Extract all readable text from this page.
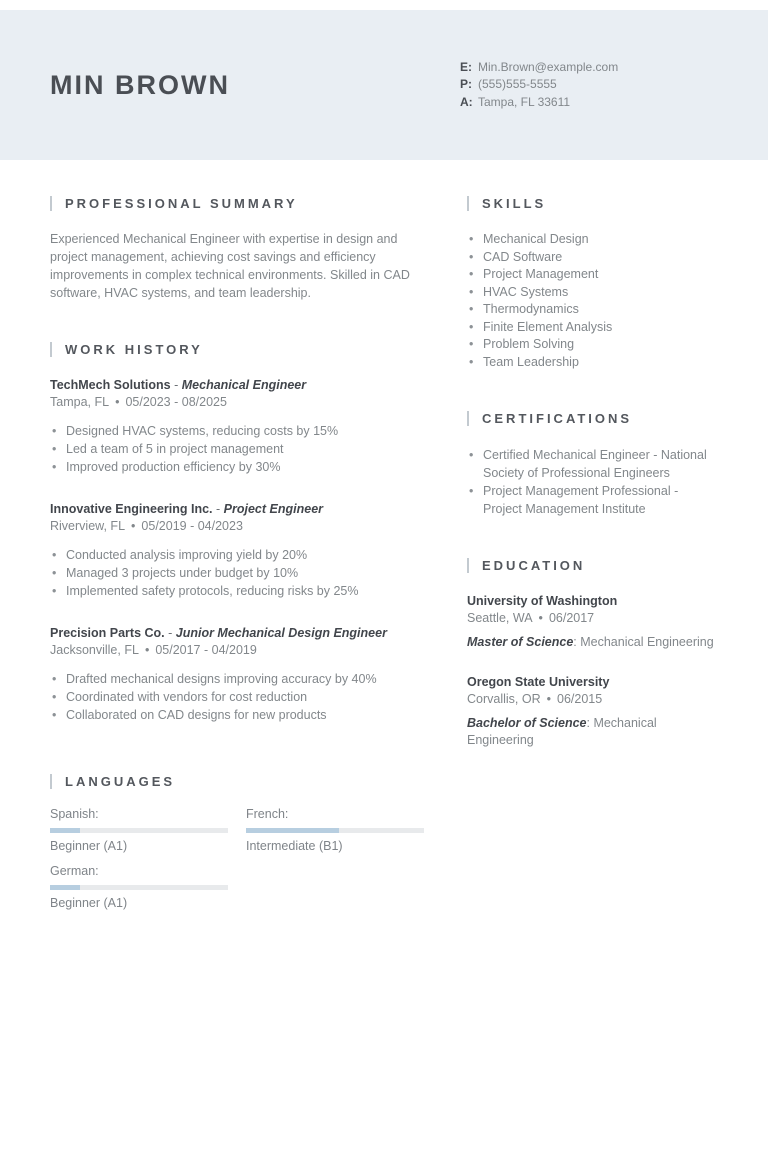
MIN BROWN
E: Min.Brown@example.com
P: (555)555-5555
A: Tampa, FL 33611
PROFESSIONAL SUMMARY
Experienced Mechanical Engineer with expertise in design and project management, achieving cost savings and efficiency improvements in complex technical environments. Skilled in CAD software, HVAC systems, and team leadership.
WORK HISTORY
TechMech Solutions - Mechanical Engineer
Tampa, FL • 05/2023 - 08/2025
• Designed HVAC systems, reducing costs by 15%
• Led a team of 5 in project management
• Improved production efficiency by 30%
Innovative Engineering Inc. - Project Engineer
Riverview, FL • 05/2019 - 04/2023
• Conducted analysis improving yield by 20%
• Managed 3 projects under budget by 10%
• Implemented safety protocols, reducing risks by 25%
Precision Parts Co. - Junior Mechanical Design Engineer
Jacksonville, FL • 05/2017 - 04/2019
• Drafted mechanical designs improving accuracy by 40%
• Coordinated with vendors for cost reduction
• Collaborated on CAD designs for new products
LANGUAGES
Spanish:
Beginner (A1)
French:
Intermediate (B1)
German:
Beginner (A1)
SKILLS
• Mechanical Design
• CAD Software
• Project Management
• HVAC Systems
• Thermodynamics
• Finite Element Analysis
• Problem Solving
• Team Leadership
CERTIFICATIONS
• Certified Mechanical Engineer - National Society of Professional Engineers
• Project Management Professional - Project Management Institute
EDUCATION
University of Washington
Seattle, WA • 06/2017
Master of Science: Mechanical Engineering
Oregon State University
Corvallis, OR • 06/2015
Bachelor of Science: Mechanical Engineering
